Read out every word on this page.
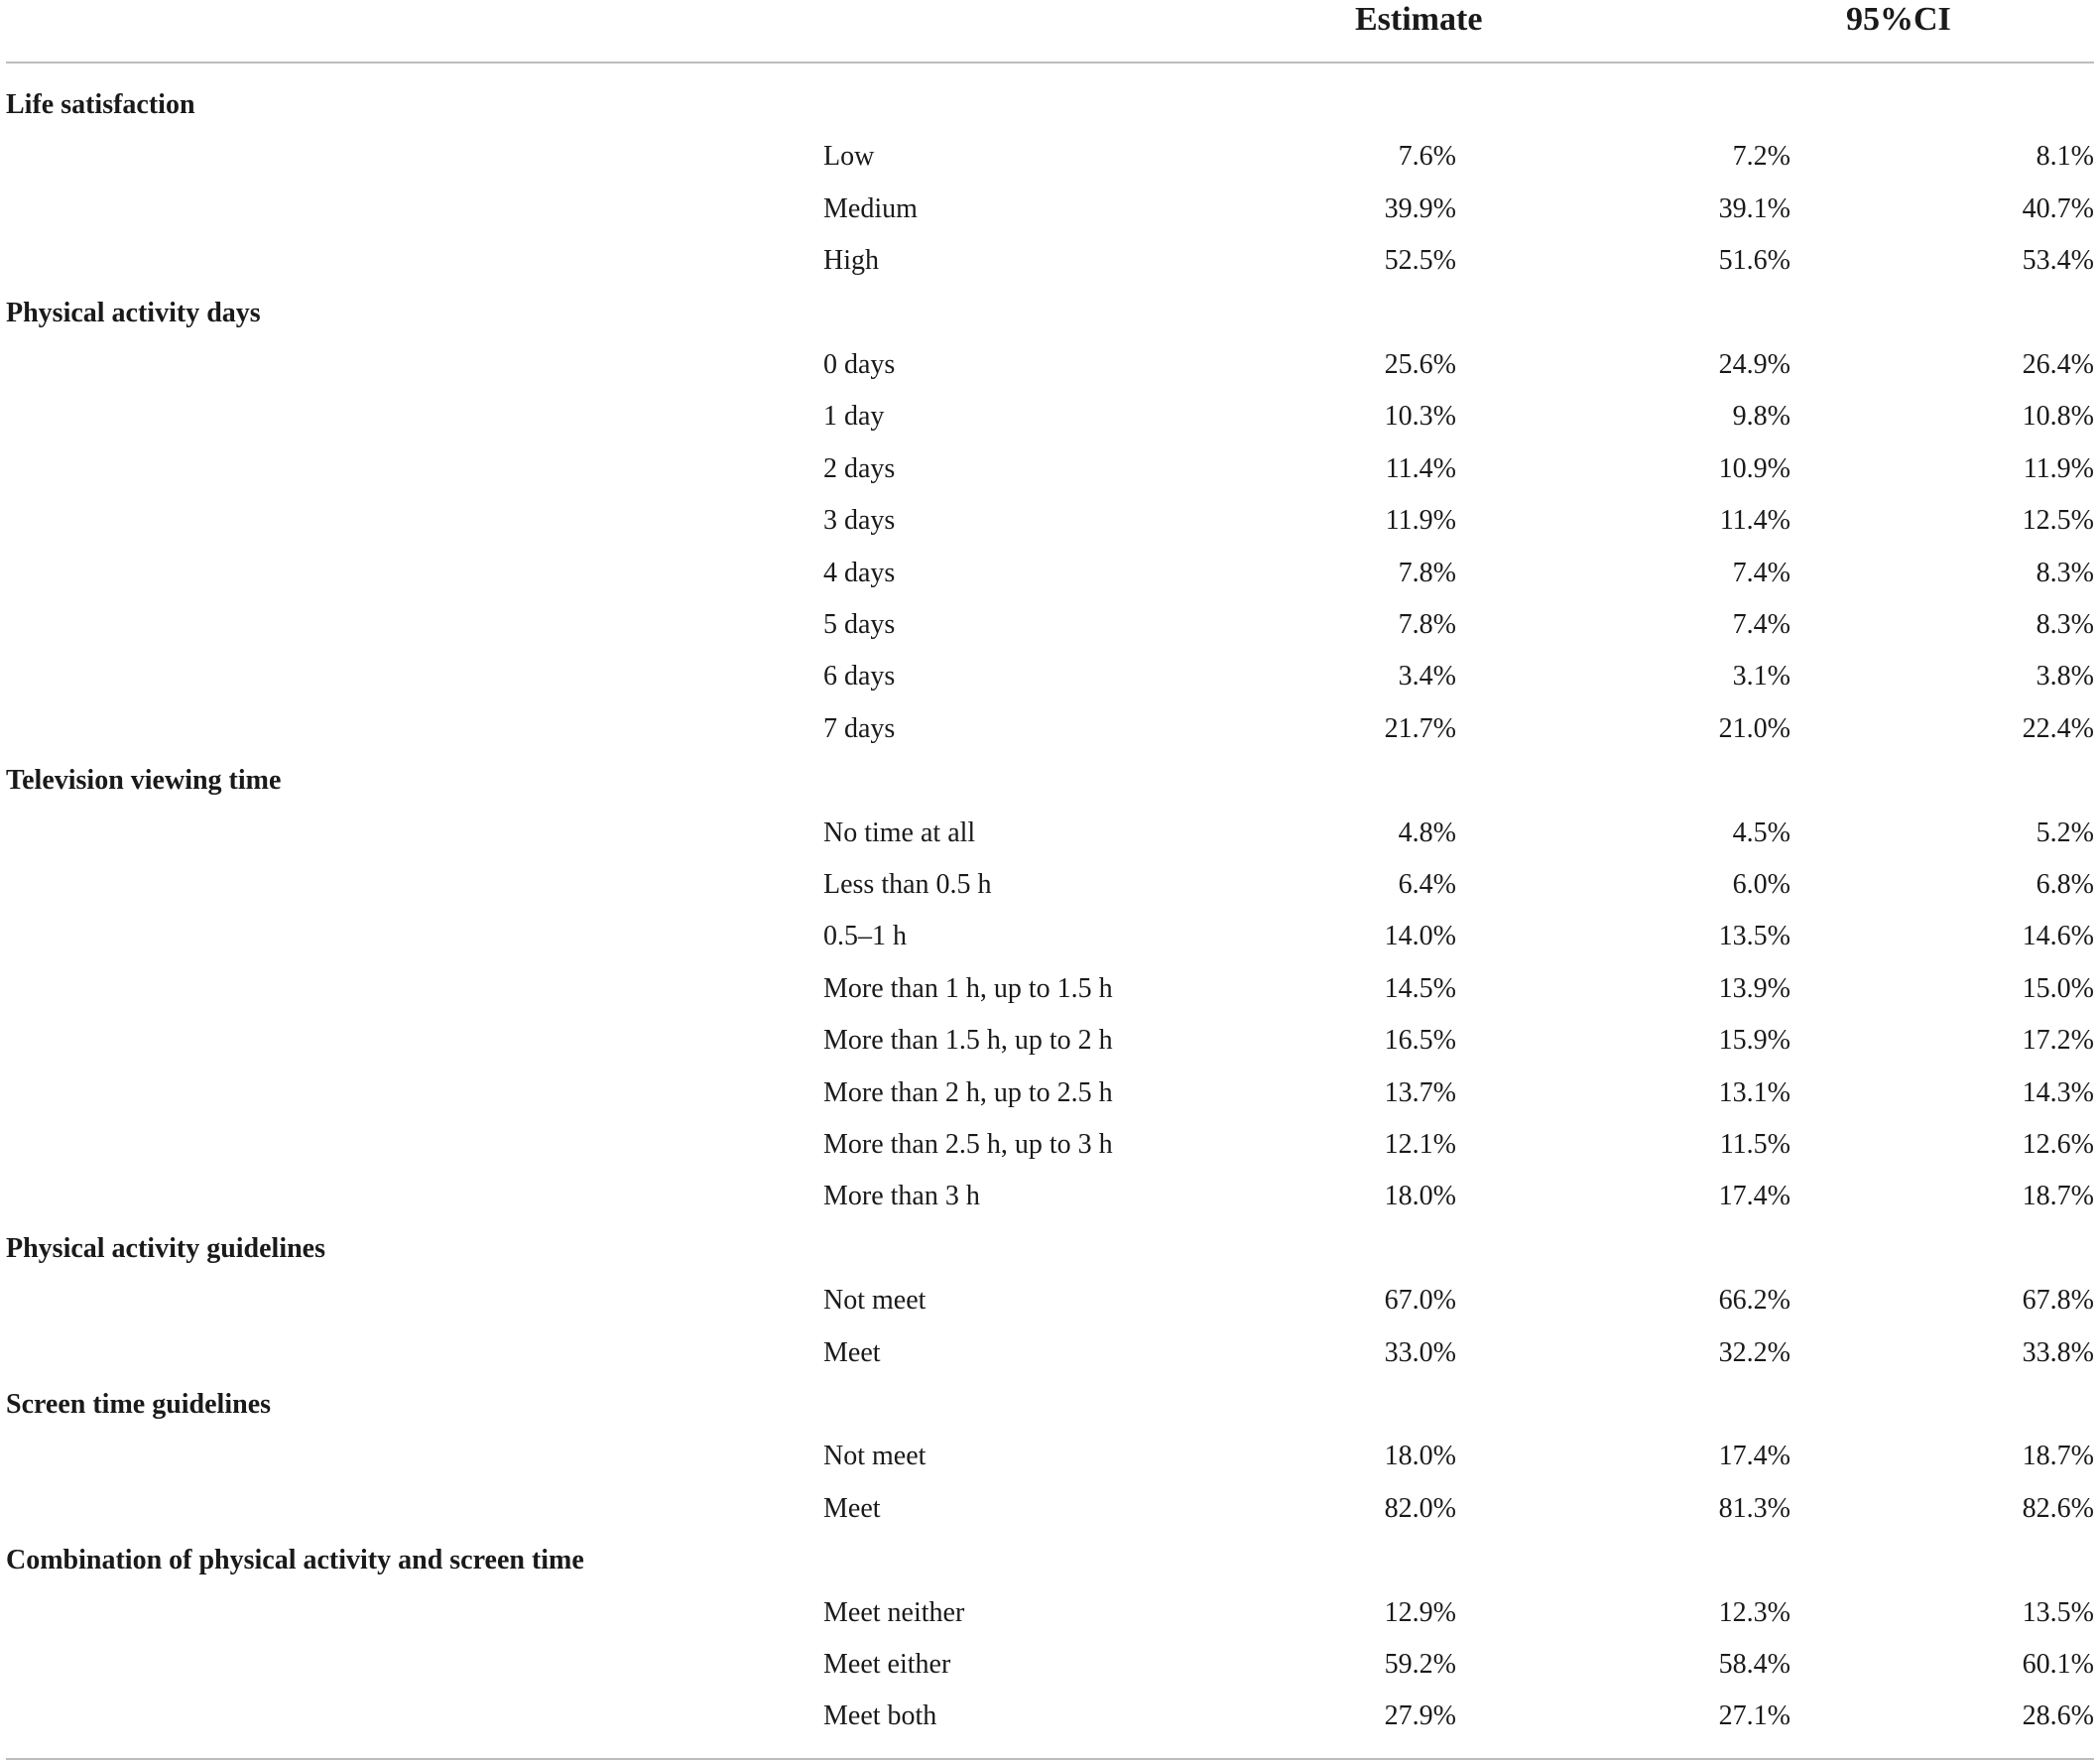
Estimate	95%CI
Life satisfaction
Low	7.6%	7.2%	8.1%
Medium	39.9%	39.1%	40.7%
High	52.5%	51.6%	53.4%
Physical activity days
0 days	25.6%	24.9%	26.4%
1 day	10.3%	9.8%	10.8%
2 days	11.4%	10.9%	11.9%
3 days	11.9%	11.4%	12.5%
4 days	7.8%	7.4%	8.3%
5 days	7.8%	7.4%	8.3%
6 days	3.4%	3.1%	3.8%
7 days	21.7%	21.0%	22.4%
Television viewing time
No time at all	4.8%	4.5%	5.2%
Less than 0.5 h	6.4%	6.0%	6.8%
0.5–1 h	14.0%	13.5%	14.6%
More than 1 h, up to 1.5 h	14.5%	13.9%	15.0%
More than 1.5 h, up to 2 h	16.5%	15.9%	17.2%
More than 2 h, up to 2.5 h	13.7%	13.1%	14.3%
More than 2.5 h, up to 3 h	12.1%	11.5%	12.6%
More than 3 h	18.0%	17.4%	18.7%
Physical activity guidelines
Not meet	67.0%	66.2%	67.8%
Meet	33.0%	32.2%	33.8%
Screen time guidelines
Not meet	18.0%	17.4%	18.7%
Meet	82.0%	81.3%	82.6%
Combination of physical activity and screen time
Meet neither	12.9%	12.3%	13.5%
Meet either	59.2%	58.4%	60.1%
Meet both	27.9%	27.1%	28.6%
